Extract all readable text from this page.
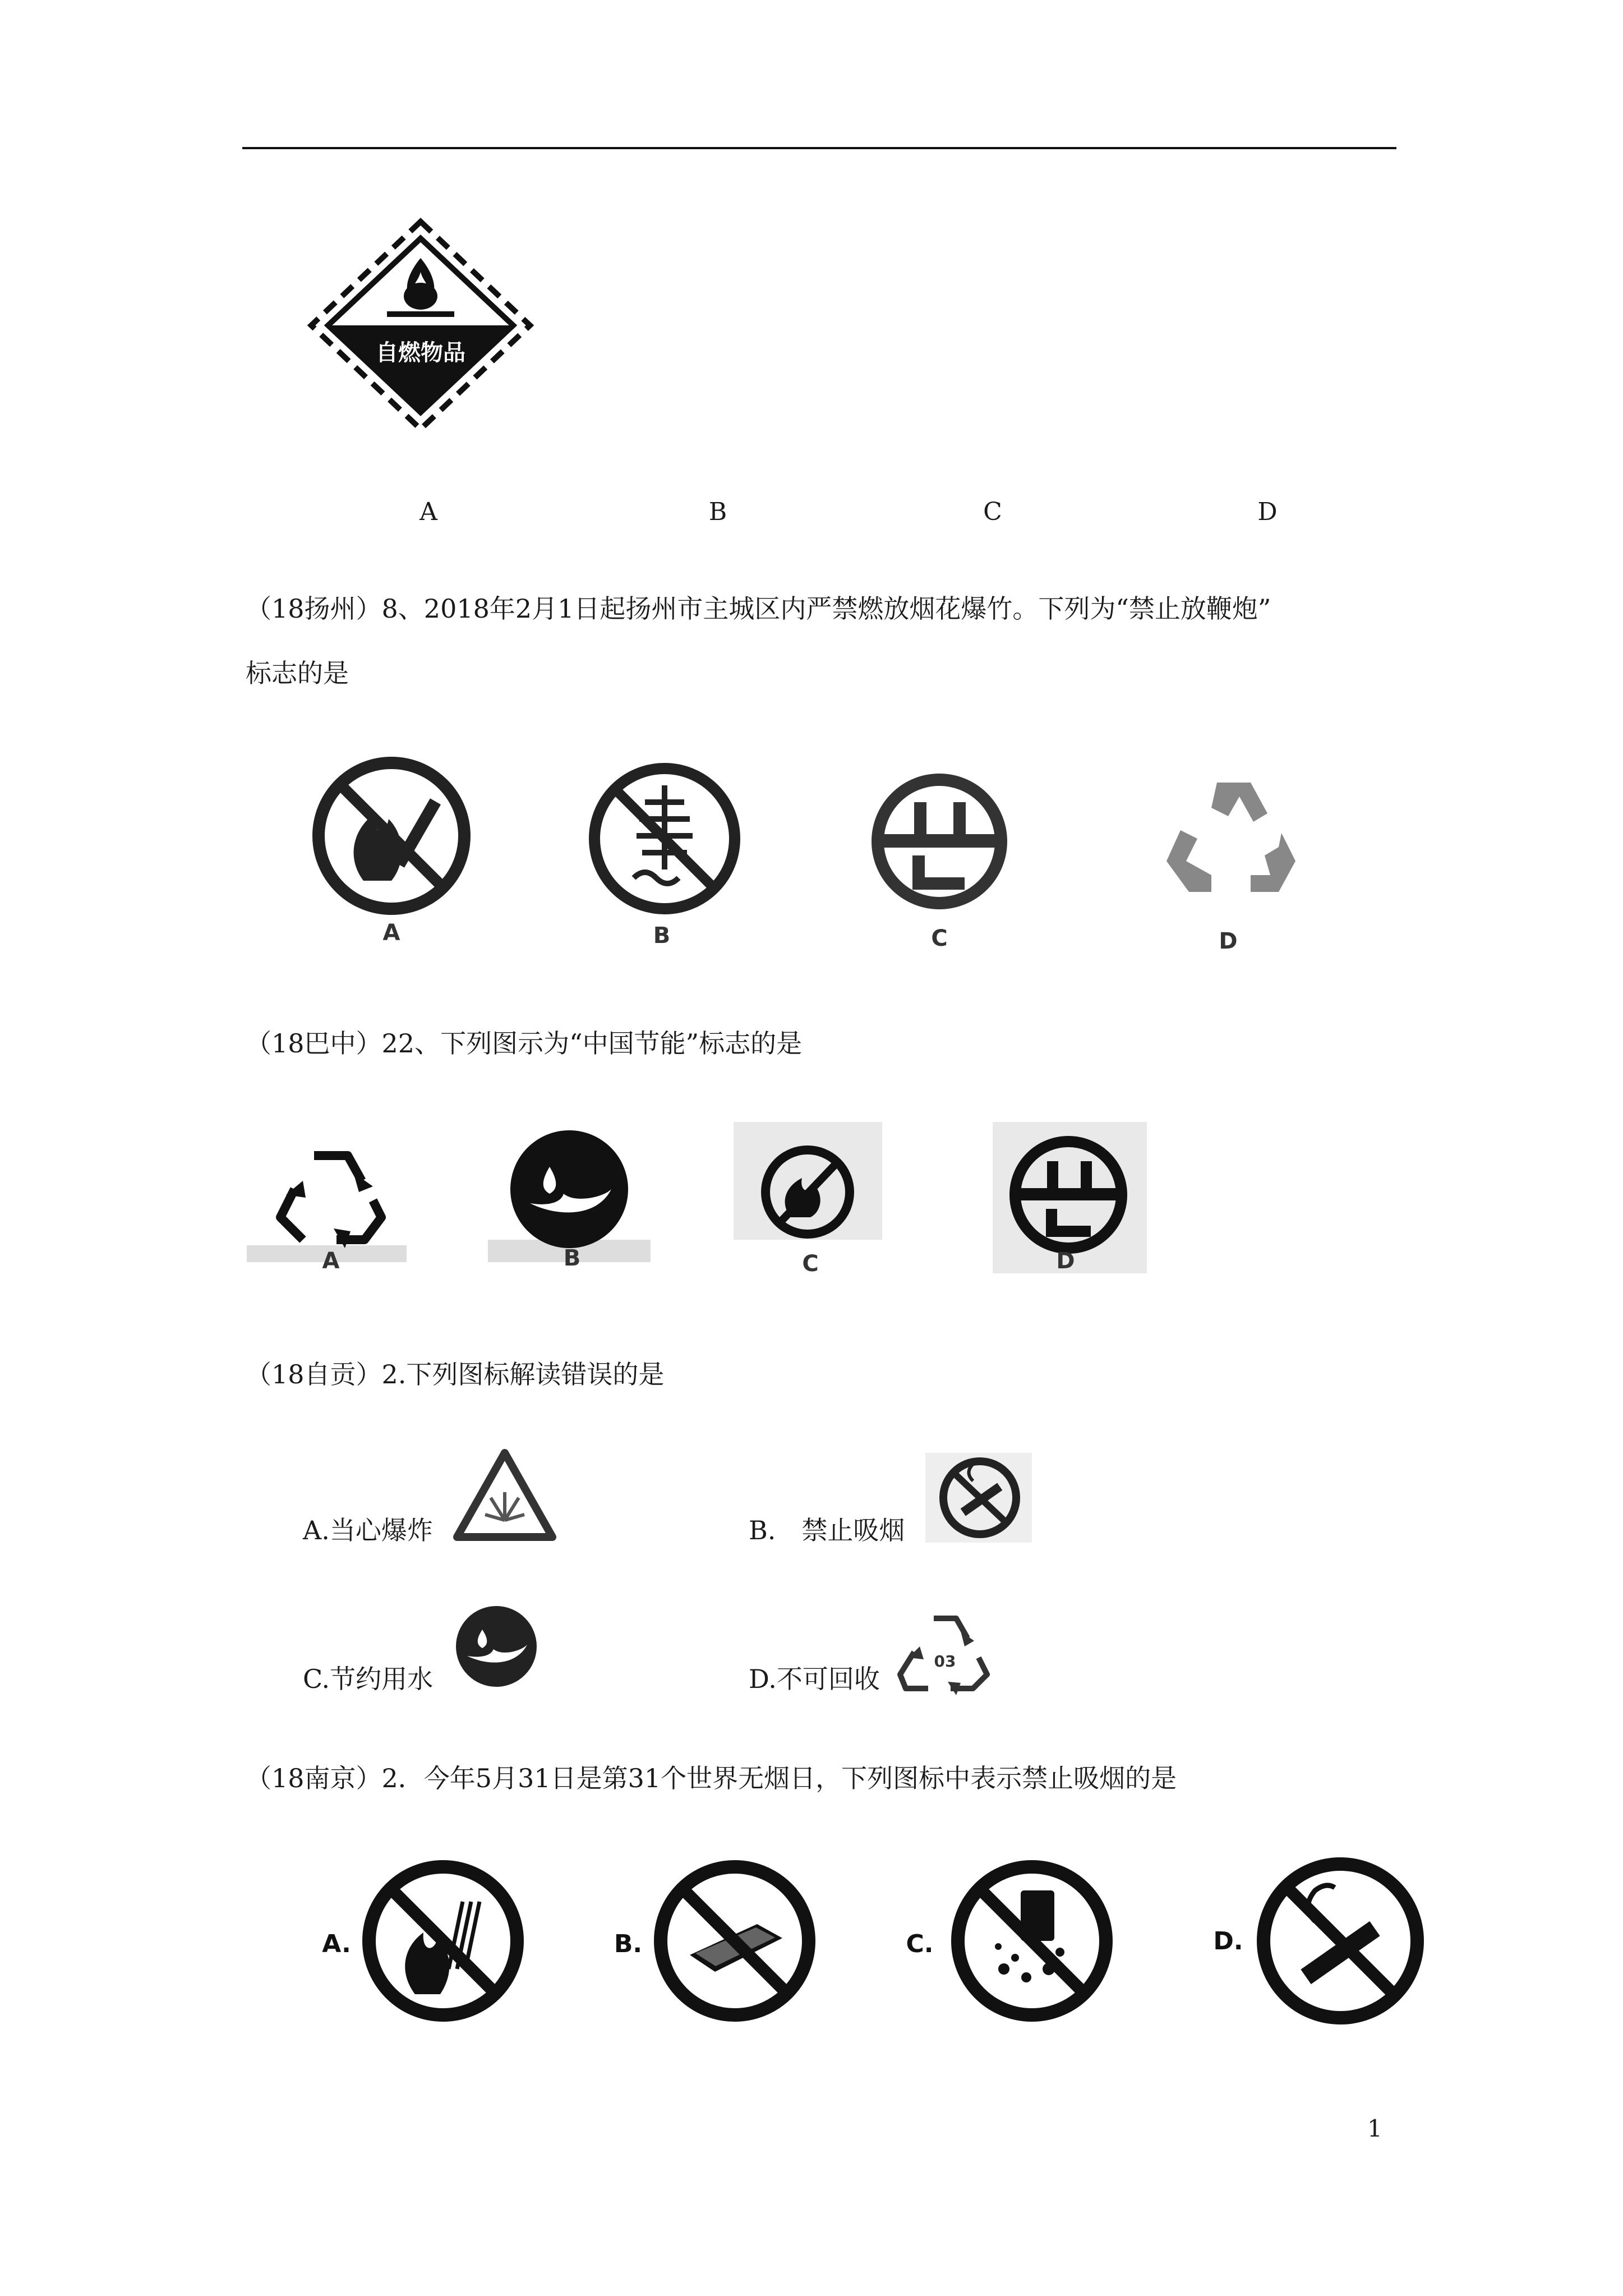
自燃物品
A	B	C	D
（18扬州）8、2018年2月1日起扬州市主城区内严禁燃放烟花爆竹。下列为“禁止放鞭炮”
标志的是
A	B	C	D
（18巴中）22、下列图示为“中国节能”标志的是
A	B	C	D
（18自贡）2.下列图标解读错误的是
A.当心爆炸	B.　禁止吸烟
C.节约用水	D.不可回收
03
（18南京）2．今年5月31日是第31个世界无烟日，下列图标中表示禁止吸烟的是
A.	B.	C.	D.
1
